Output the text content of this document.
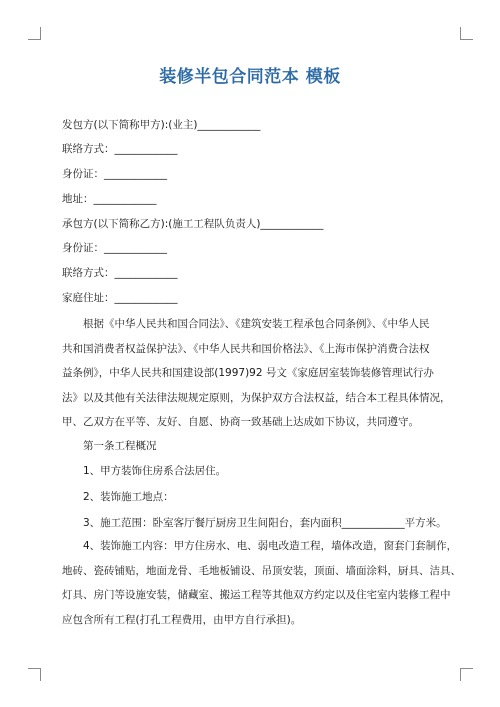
装修半包合同范本 模板
发包方(以下简称甲方):(业主)____________
联络方式：____________
身份证：____________
地址：____________
承包方(以下简称乙方):(施工工程队负责人)____________
身份证：____________
联络方式：____________
家庭住址：____________
根据《中华人民共和国合同法》、《建筑安装工程承包合同条例》、《中华人民
共和国消费者权益保护法》、《中华人民共和国价格法》、《上海市保护消费合法权
益条例》，中华人民共和国建设部(1997)92 号文《家庭居室装饰装修管理试行办
法》以及其他有关法律法规规定原则，为保护双方合法权益，结合本工程具体情况，
甲、乙双方在平等、友好、自愿、协商一致基础上达成如下协议，共同遵守。
第一条工程概况
1、甲方装饰住房系合法居住。
2、装饰施工地点：
3、施工范围：卧室客厅餐厅厨房卫生间阳台，套内面积____________平方米。
4、装饰施工内容：甲方住房水、电、弱电改造工程，墙体改造，窗套门套制作，
地砖、瓷砖铺贴，地面龙骨、毛地板铺设、吊顶安装，顶面、墙面涂料，厨具、洁具、
灯具、房门等设施安装，储藏室、搬运工程等其他双方约定以及住宅室内装修工程中
应包含所有工程(打孔工程费用，由甲方自行承担)。
